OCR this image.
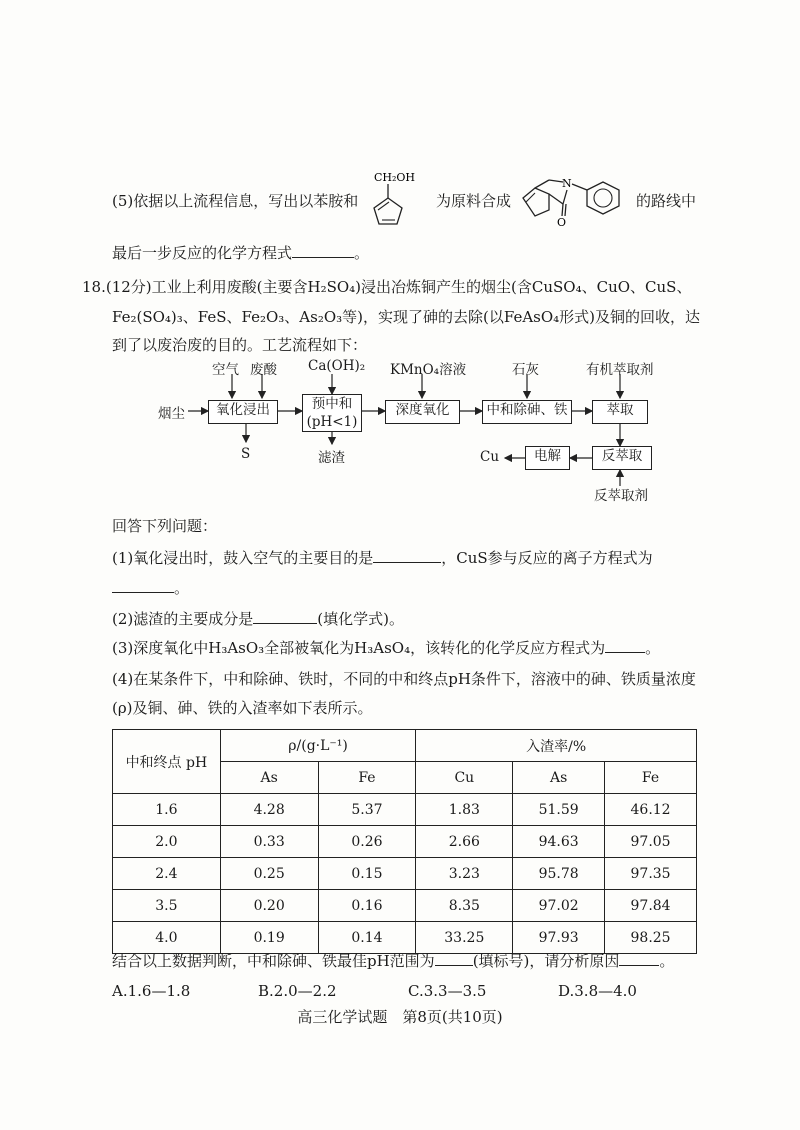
(5)依据以上流程信息，写出以苯胺和
CH₂OH
为原料合成
N
O
的路线中
最后一步反应的化学方程式	。
18.(12分)工业上利用废酸(主要含H₂SO₄)浸出冶炼铜产生的烟尘(含CuSO₄、CuO、CuS、
Fe₂(SO₄)₃、FeS、Fe₂O₃、As₂O₃等)，实现了砷的去除(以FeAsO₄形式)及铜的回收，达
到了以废治废的目的。工艺流程如下：
烟尘	氧化浸出	预中和
(pH<1)
深度氧化	中和除砷、铁	萃取
反萃取
电解
空气 废酸 Ca(OH)₂ KMnO₄溶液	石灰	有机萃取剂
S	滤渣
反萃取剂
Cu
回答下列问题：
(1)氧化浸出时，鼓入空气的主要目的是	，CuS参与反应的离子方程式为
。
(2)滤渣的主要成分是	(填化学式)。
(3)深度氧化中H₃AsO₃全部被氧化为H₃AsO₄，该转化的化学反应方程式为	。
(4)在某条件下，中和除砷、铁时，不同的中和终点pH条件下，溶液中的砷、铁质量浓度
(ρ)及铜、砷、铁的入渣率如下表所示。
中和终点 pH	ρ/(g·L⁻¹)		入渣率/%		
	As	Fe	Cu	As	Fe
1.6	4.28	5.37	1.83	51.59	46.12
2.0	0.33	0.26	2.66	94.63	97.05
2.4	0.25	0.15	3.23	95.78	97.35
3.5	0.20	0.16	8.35	97.02	97.84
4.0	0.19	0.14	33.25	97.93	98.25
结合以上数据判断，中和除砷、铁最佳pH范围为	(填标号)，请分析原因	。
A.1.6—1.8	B.2.0—2.2	C.3.3—3.5	D.3.8—4.0
高三化学试题　第8页(共10页)
